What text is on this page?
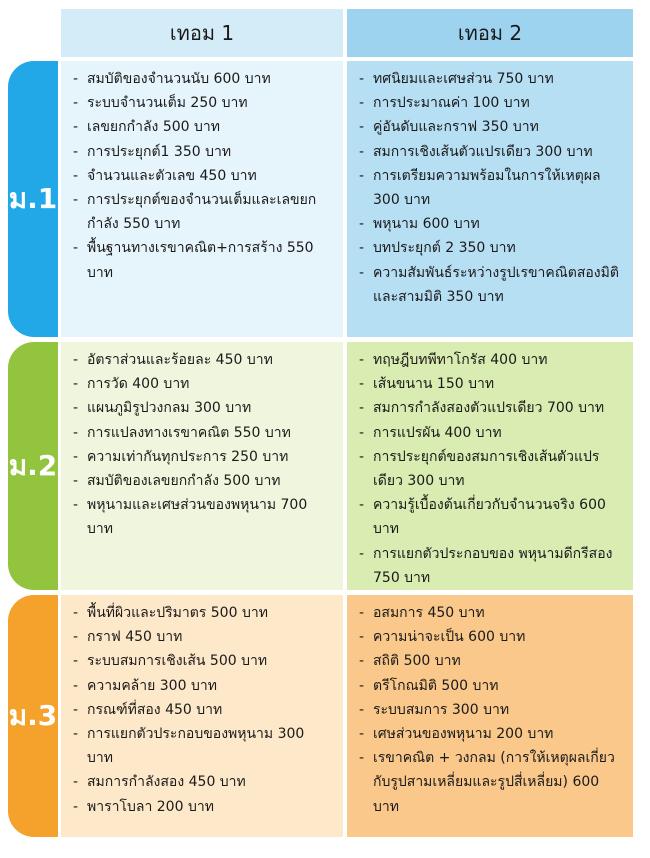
เทอม 1	เทอม 2
ม.1
- สมบัติของจำนวนนับ 600 บาท
- ระบบจำนวนเต็ม 250 บาท
- เลขยกกำลัง 500 บาท
- การประยุกต์1 350 บาท
- จำนวนและตัวเลข 450 บาท
- การประยุกต์ของจำนวนเต็มและเลขยกกำลัง 550 บาท
- พื้นฐานทางเรขาคณิต+การสร้าง 550 บาท
- ทศนิยมและเศษส่วน 750 บาท
- การประมาณค่า 100 บาท
- คู่อันดับและกราฟ 350 บาท
- สมการเชิงเส้นตัวแปรเดียว 300 บาท
- การเตรียมความพร้อมในการให้เหตุผล 300 บาท
- พหุนาม 600 บาท
- บทประยุกต์ 2 350 บาท
- ความสัมพันธ์ระหว่างรูปเรขาคณิตสองมิติและสามมิติ 350 บาท
ม.2
- อัตราส่วนและร้อยละ 450 บาท
- การวัด 400 บาท
- แผนภูมิรูปวงกลม 300 บาท
- การแปลงทางเรขาคณิต 550 บาท
- ความเท่ากันทุกประการ 250 บาท
- สมบัติของเลขยกกำลัง 500 บาท
- พหุนามและเศษส่วนของพหุนาม 700 บาท
- ทฤษฎีบทพีทาโกรัส 400 บาท
- เส้นขนาน 150 บาท
- สมการกำลังสองตัวแปรเดียว 700 บาท
- การแปรผัน 400 บาท
- การประยุกต์ของสมการเชิงเส้นตัวแปรเดียว 300 บาท
- ความรู้เบื้องต้นเกี่ยวกับจำนวนจริง 600 บาท
- การแยกตัวประกอบของ พหุนามดีกรีสอง 750 บาท
ม.3
- พื้นที่ผิวและปริมาตร 500 บาท
- กราฟ 450 บาท
- ระบบสมการเชิงเส้น 500 บาท
- ความคล้าย 300 บาท
- กรณฑ์ที่สอง 450 บาท
- การแยกตัวประกอบของพหุนาม 300 บาท
- สมการกำลังสอง 450 บาท
- พาราโบลา 200 บาท
- อสมการ 450 บาท
- ความน่าจะเป็น 600 บาท
- สถิติ 500 บาท
- ตรีโกณมิติ 500 บาท
- ระบบสมการ 300 บาท
- เศษส่วนของพหุนาม 200 บาท
- เรขาคณิต + วงกลม (การให้เหตุผลเกี่ยวกับรูปสามเหลี่ยมและรูปสี่เหลี่ยม) 600 บาท
